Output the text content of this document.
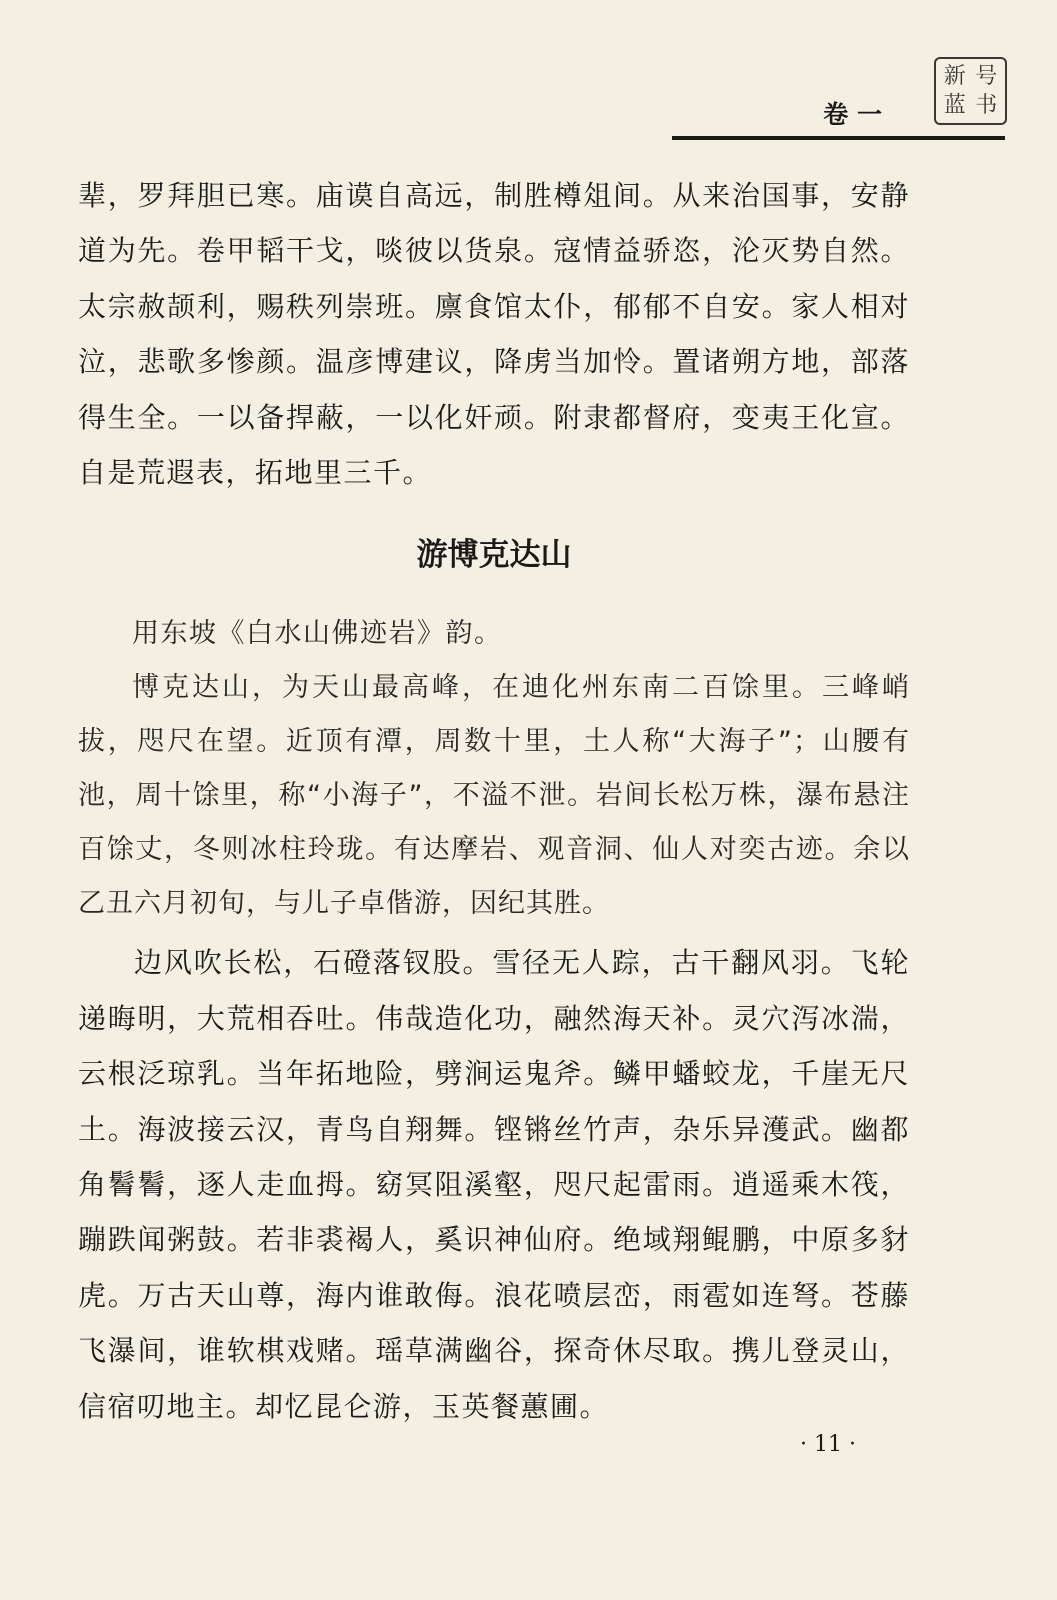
卷 一
新 号
蓝 书

辈，罗拜胆已寒。庙谟自高远，制胜樽俎间。从来治国事，安静道为先。卷甲韬干戈，啖彼以货泉。寇情益骄恣，沦灭势自然。太宗赦颉利，赐秩列崇班。廪食馆太仆，郁郁不自安。家人相对泣，悲歌多惨颜。温彦博建议，降虏当加怜。置诸朔方地，部落得生全。一以备捍蔽，一以化奸顽。附隶都督府，变夷王化宣。自是荒遐表，拓地里三千。

游博克达山

用东坡《白水山佛迹岩》韵。

博克达山，为天山最高峰，在迪化州东南二百馀里。三峰峭拔，咫尺在望。近顶有潭，周数十里，土人称“大海子”；山腰有池，周十馀里，称“小海子”，不溢不泄。岩间长松万株，瀑布悬注百馀丈，冬则冰柱玲珑。有达摩岩、观音洞、仙人对奕古迹。余以乙丑六月初旬，与儿子卓偕游，因纪其胜。

边风吹长松，石磴落钗股。雪径无人踪，古干翻风羽。飞轮递晦明，大荒相吞吐。伟哉造化功，融然海天补。灵穴泻冰湍，云根泛琼乳。当年拓地险，劈涧运鬼斧。鳞甲蟠蛟龙，千崖无尺土。海波接云汉，青鸟自翔舞。铿锵丝竹声，杂乐异濩武。幽都角鬌鬌，逐人走血拇。窈冥阻溪壑，咫尺起雷雨。逍遥乘木筏，蹦跌闻粥鼓。若非裘褐人，奚识神仙府。绝域翔鲲鹏，中原多豺虎。万古天山尊，海内谁敢侮。浪花喷层峦，雨雹如连弩。苍藤飞瀑间，谁软棋戏赌。瑶草满幽谷，探奇休尽取。携儿登灵山，信宿叨地主。却忆昆仑游，玉英餐蕙圃。

· 11 ·
